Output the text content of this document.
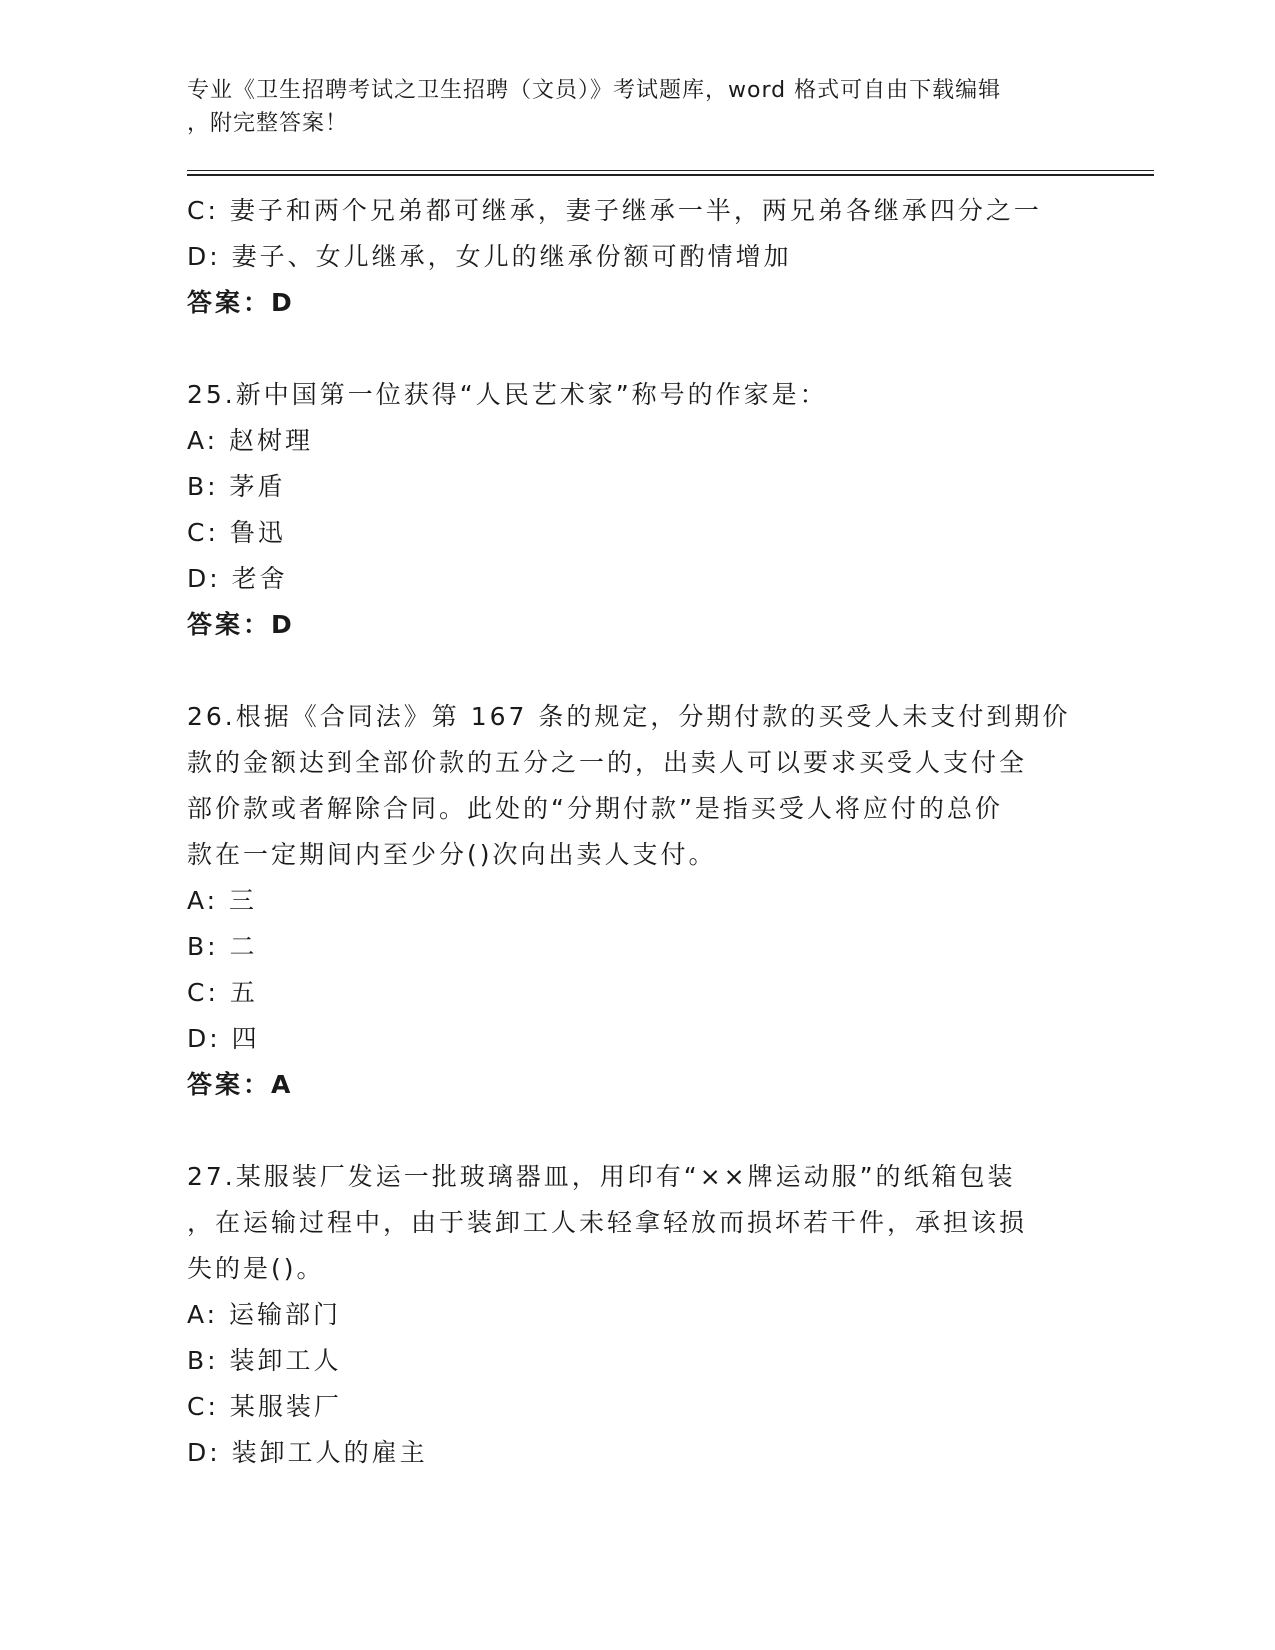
专业《卫生招聘考试之卫生招聘（文员）》考试题库，word 格式可自由下载编辑
，附完整答案！
C: 妻子和两个兄弟都可继承，妻子继承一半，两兄弟各继承四分之一
D: 妻子、女儿继承，女儿的继承份额可酌情增加
答案：D
25.新中国第一位获得“人民艺术家”称号的作家是：
A: 赵树理
B: 茅盾
C: 鲁迅
D: 老舍
答案：D
26.根据《合同法》第 167 条的规定，分期付款的买受人未支付到期价
款的金额达到全部价款的五分之一的，出卖人可以要求买受人支付全
部价款或者解除合同。此处的“分期付款”是指买受人将应付的总价
款在一定期间内至少分()次向出卖人支付。
A: 三
B: 二
C: 五
D: 四
答案：A
27.某服装厂发运一批玻璃器皿，用印有“××牌运动服”的纸箱包装
，在运输过程中，由于装卸工人未轻拿轻放而损坏若干件，承担该损
失的是()。
A: 运输部门
B: 装卸工人
C: 某服装厂
D: 装卸工人的雇主
